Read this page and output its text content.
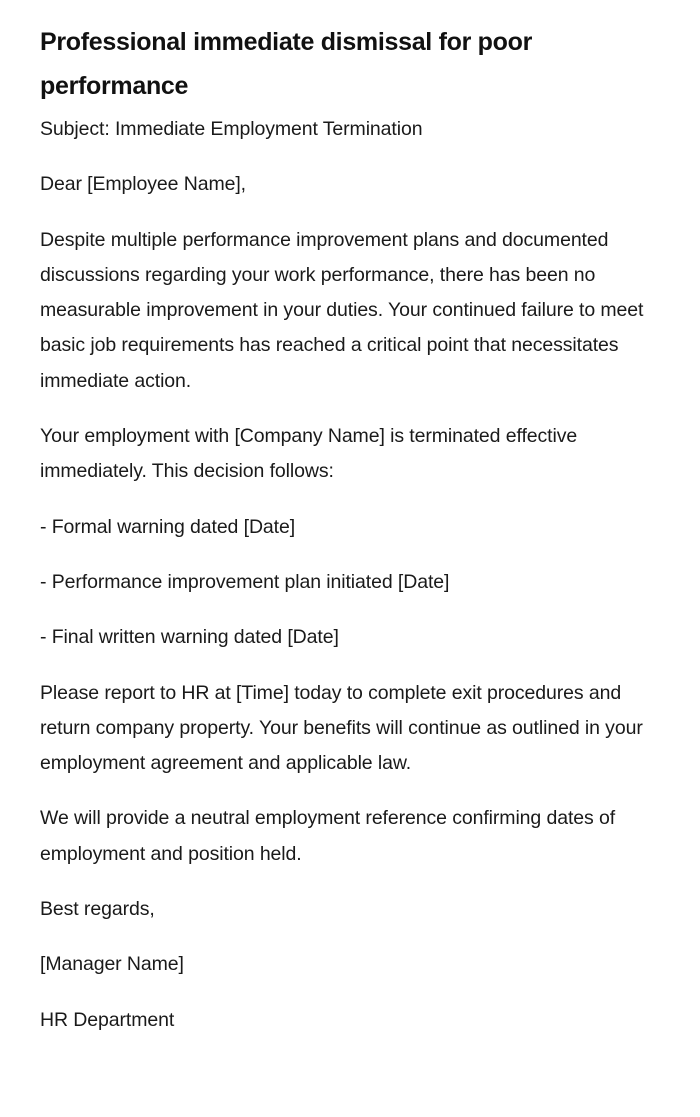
Professional immediate dismissal for poor performance

Subject: Immediate Employment Termination

Dear [Employee Name],

Despite multiple performance improvement plans and documented discussions regarding your work performance, there has been no measurable improvement in your duties. Your continued failure to meet basic job requirements has reached a critical point that necessitates immediate action.

Your employment with [Company Name] is terminated effective immediately. This decision follows:

- Formal warning dated [Date]

- Performance improvement plan initiated [Date]

- Final written warning dated [Date]

Please report to HR at [Time] today to complete exit procedures and return company property. Your benefits will continue as outlined in your employment agreement and applicable law.

We will provide a neutral employment reference confirming dates of employment and position held.

Best regards,

[Manager Name]

HR Department
